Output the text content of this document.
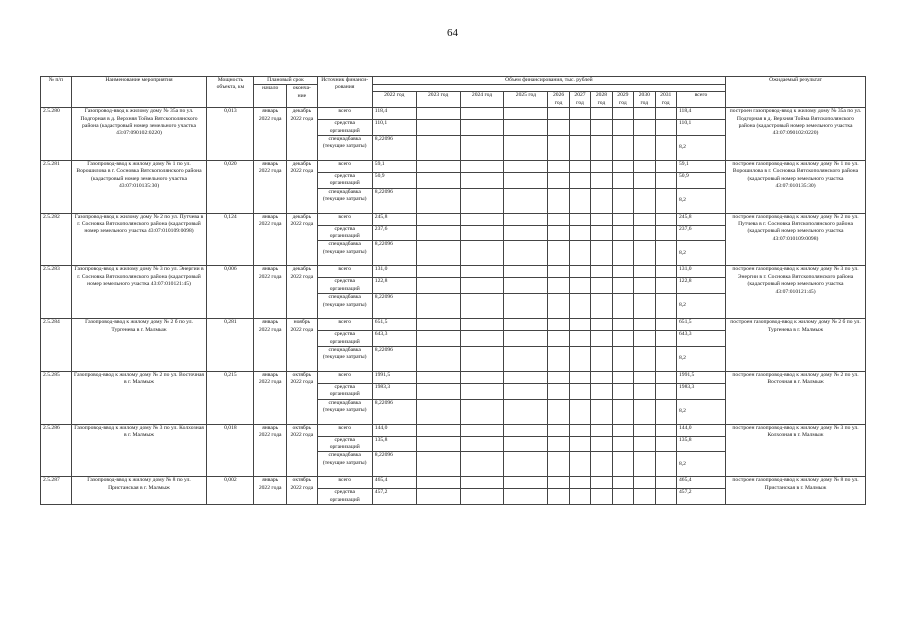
64
№ п/п	Наименование мероприятия	Мощность объекта, км	Плановый срок		Источник финанси-рования	Объем финансирования, тыс. рублей											Ожидаемый результат
			начало	оконча-ние													
						2022 год	2023 год	2024 год	2025 год	2026 год	2027 год	2028 год	2029 год	2030 год	2031 год	всего	
2.5.280	Газопровод-ввод к жилому дому № 35а по ул. Подгорная в д. Верхняя Тойма Вятскополянского района (кадастровый номер земельного участка 43:07:090102:0220)	0,013	январь 2022 года	декабрь 2022 года	всего	118,4										118,4	построен газопровод-ввод к жилому дому № 35а по ул. Подгорная в д. Верхняя Тойма Вятскополянского района (кадастровый номер земельного участка 43:07:090102:0220)
					средства организаций	110,1										110,1	
					спецнадбавка (текущие затраты)	8,22096										8,2	
2.5.281	Газопровод-ввод к жилому дому № 1 по ул. Ворошилова в г. Сосновка Вятскополянского района (кадастровый номер земельного участка 43:07:010135:30)	0,020	январь 2022 года	декабрь 2022 года	всего	59,1										59,1	построен газопровод-ввод к жилому дому № 1 по ул. Ворошилова в г. Сосновка Вятскополянского района (кадастровый номер земельного участка 43:07:010135:30)
					средства организаций	50,9										50,9	
					спецнадбавка (текущие затраты)	8,22096										8,2	
2.5.282	Газопровод-ввод к жилому дому № 2 по ул. Путчева в г. Сосновка Вятскополянского района (кадастровый номер земельного участка 43:07:010109:0098)	0,124	январь 2022 года	декабрь 2022 года	всего	245,8										245,8	построен газопровод-ввод к жилому дому № 2 по ул. Путчева в г. Сосновка Вятскополянского района (кадастровый номер земельного участка 43:07:010109:0098)
					средства организаций	237,6										237,6	
					спецнадбавка (текущие затраты)	8,22096										8,2	
2.5.283	Газопровод-ввод к жилому дому № 3 по ул. Энергии в г. Сосновка Вятскополянского района (кадастровый номер земельного участка 43:07:010121:45)	0,006	январь 2022 года	декабрь 2022 года	всего	131,0										131,0	построен газопровод-ввод к жилому дому № 3 по ул. Энергии в г. Сосновка Вятскополянского района (кадастровый номер земельного участка 43:07:010121:45)
					средства организаций	122,8										122,8	
					спецнадбавка (текущие затраты)	8,22096										8,2	
2.5.284	Газопровод-ввод к жилому дому № 2 б по ул. Тургенева в г. Малмыж	0,281	январь 2022 года	ноябрь 2022 года	всего	651,5										651,5	построен газопровод-ввод к жилому дому № 2 б по ул. Тургенева в г. Малмыж
					средства организаций	643,3										643,3	
					спецнадбавка (текущие затраты)	8,22096										8,2	
2.5.285	Газопровод-ввод к жилому дому № 2 по ул. Восточная в г. Малмыж	0,215	январь 2022 года	октябрь 2022 года	всего	1991,5										1991,5	построен газопровод-ввод к жилому дому № 2 по ул. Восточная в г. Малмыж
					средства организаций	1983,3										1983,3	
					спецнадбавка (текущие затраты)	8,22096										8,2	
2.5.286	Газопровод-ввод к жилому дому № 3 по ул. Колхозная в г. Малмыж	0,018	январь 2022 года	октябрь 2022 года	всего	144,0										144,0	построен газопровод-ввод к жилому дому № 3 по ул. Колхозная в г. Малмыж
					средства организаций	135,8										135,8	
					спецнадбавка (текущие затраты)	8,22096										8,2	
2.5.287	Газопровод-ввод к жилому дому № 8 по ул. Пристанская в г. Малмыж	0,002	январь 2022 года	октябрь 2022 года	всего	465,4										465,4	построен газопровод-ввод к жилому дому № 8 по ул. Пристанская в г. Малмыж
					средства организаций	457,2										457,2	
